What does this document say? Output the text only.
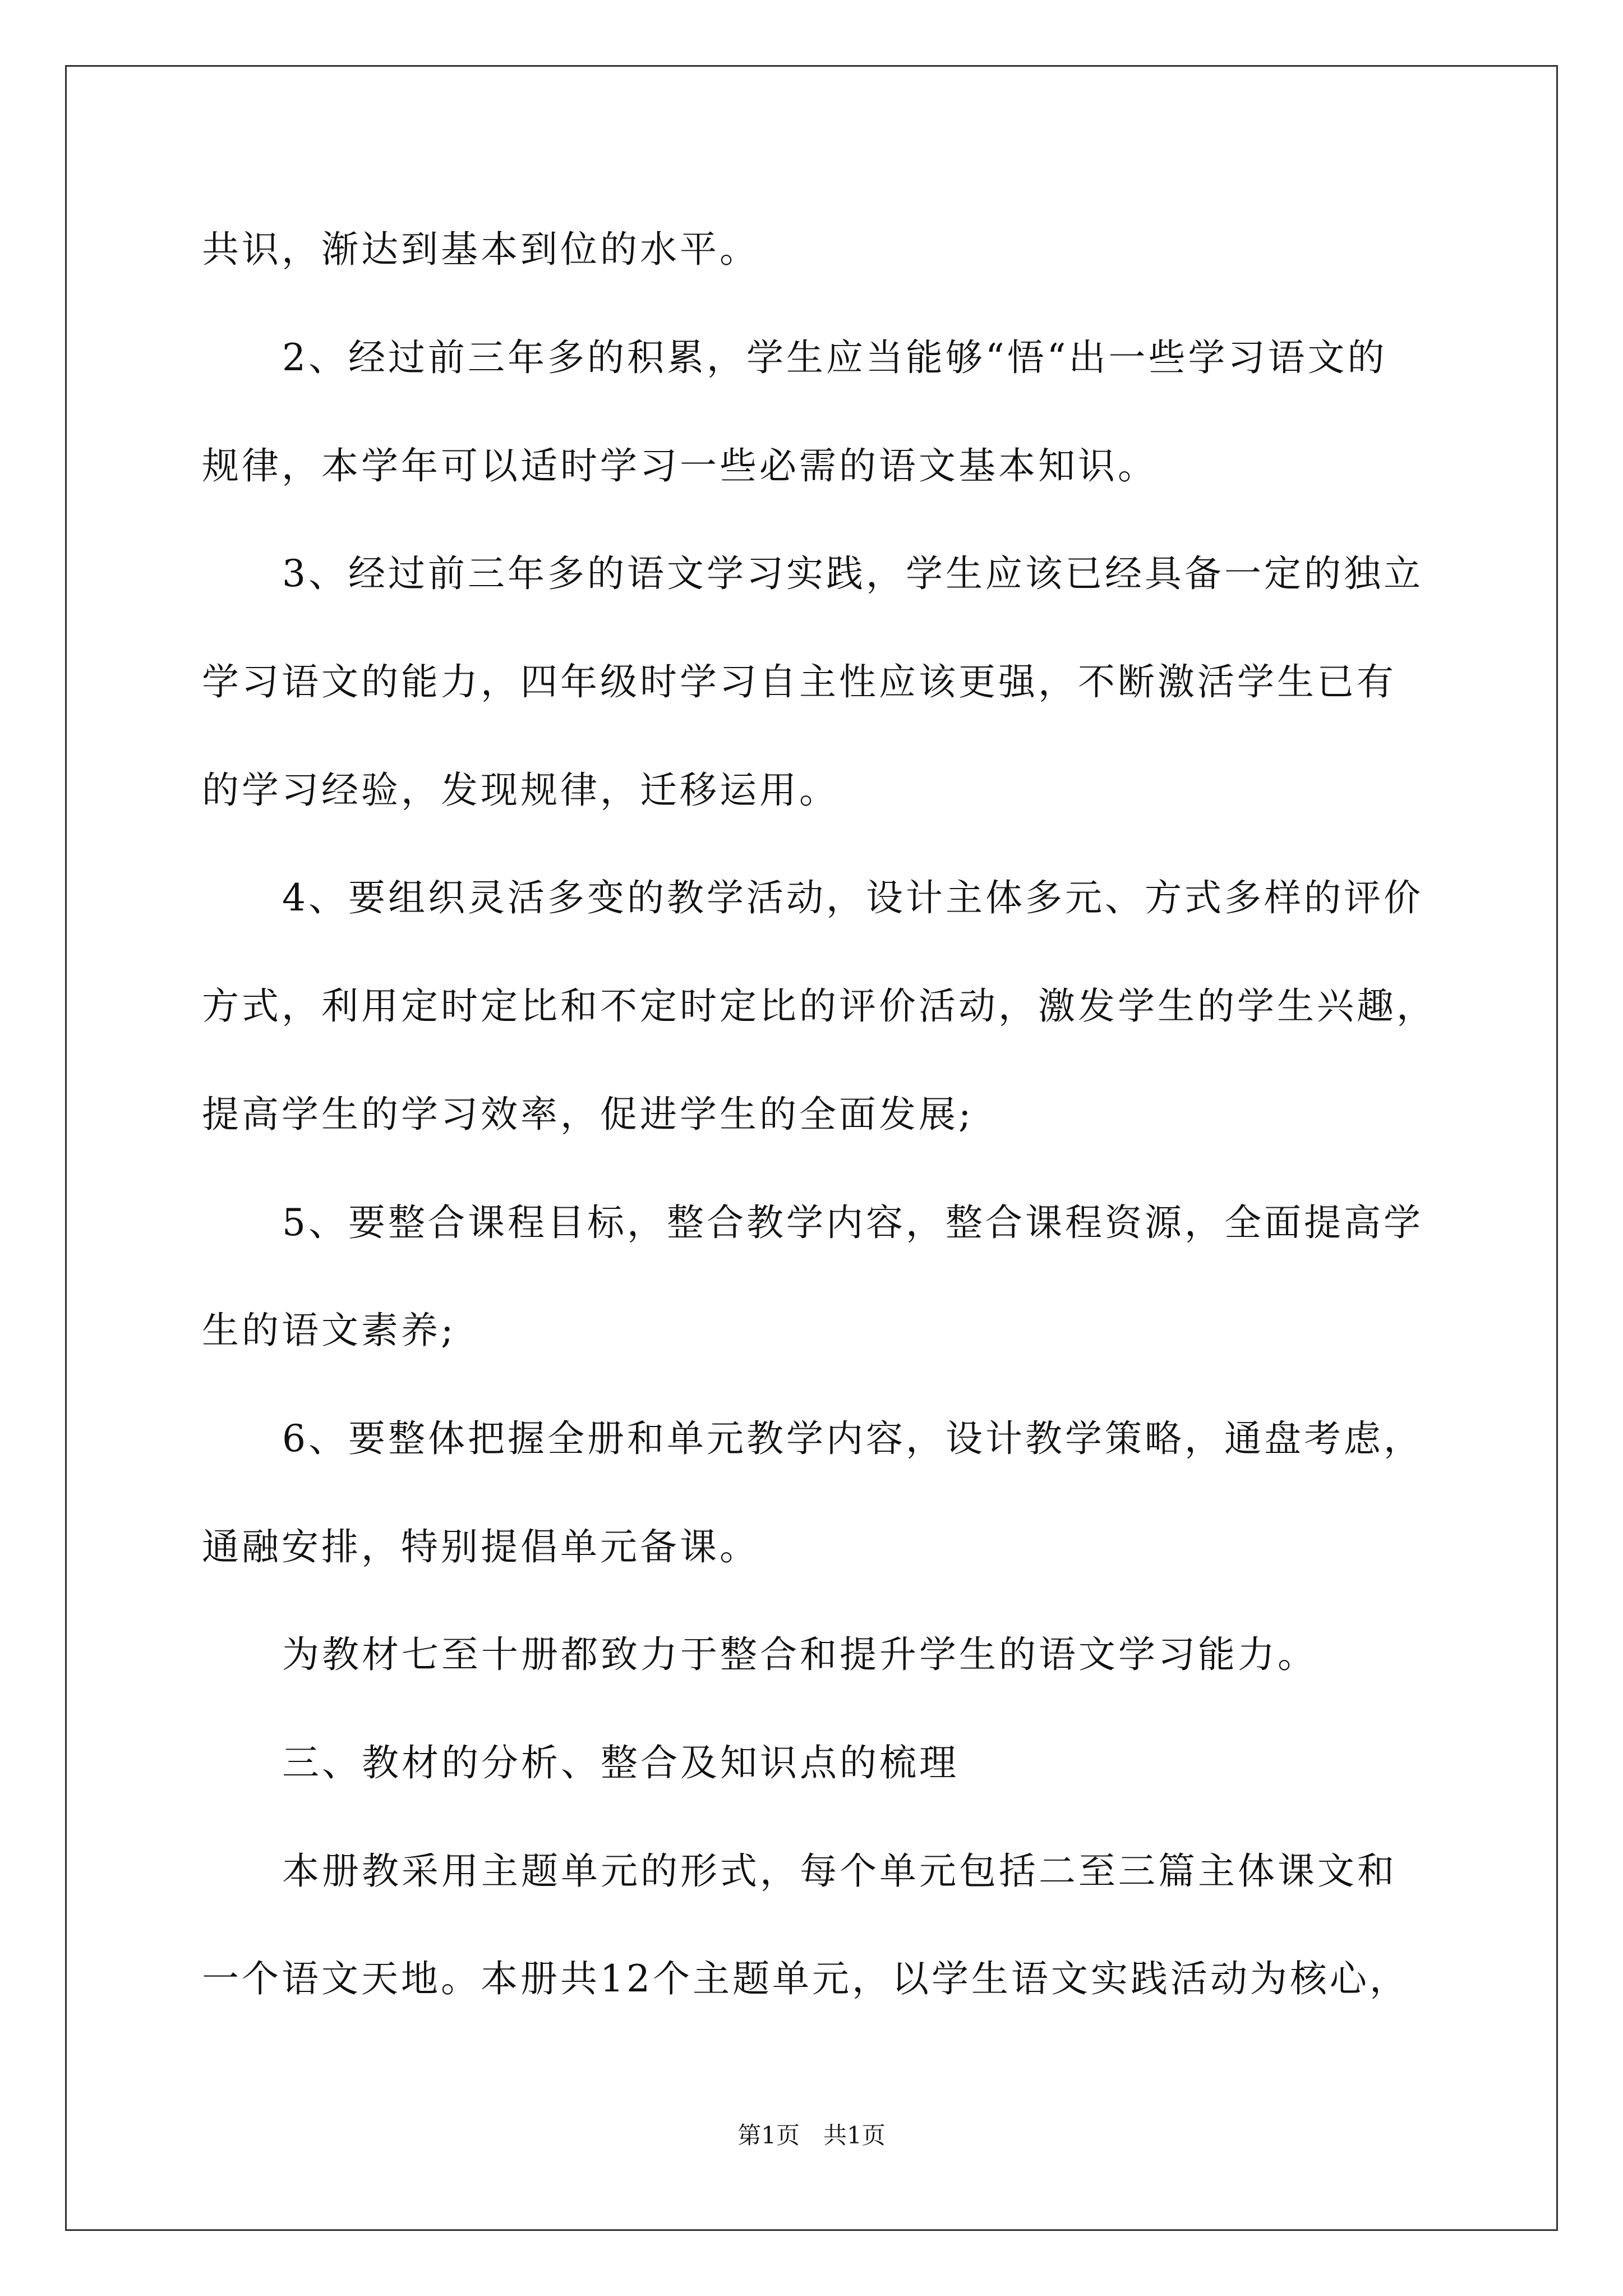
共识，渐达到基本到位的水平。
2、经过前三年多的积累，学生应当能够“悟“出一些学习语文的
规律，本学年可以适时学习一些必需的语文基本知识。
3、经过前三年多的语文学习实践，学生应该已经具备一定的独立
学习语文的能力，四年级时学习自主性应该更强，不断激活学生已有
的学习经验，发现规律，迁移运用。
4、要组织灵活多变的教学活动，设计主体多元、方式多样的评价
方式，利用定时定比和不定时定比的评价活动，激发学生的学生兴趣，
提高学生的学习效率，促进学生的全面发展;
5、要整合课程目标，整合教学内容，整合课程资源，全面提高学
生的语文素养;
6、要整体把握全册和单元教学内容，设计教学策略，通盘考虑，
通融安排，特别提倡单元备课。
为教材七至十册都致力于整合和提升学生的语文学习能力。
三、教材的分析、整合及知识点的梳理
本册教采用主题单元的形式，每个单元包括二至三篇主体课文和
一个语文天地。本册共12个主题单元，以学生语文实践活动为核心，
第1页　共1页
